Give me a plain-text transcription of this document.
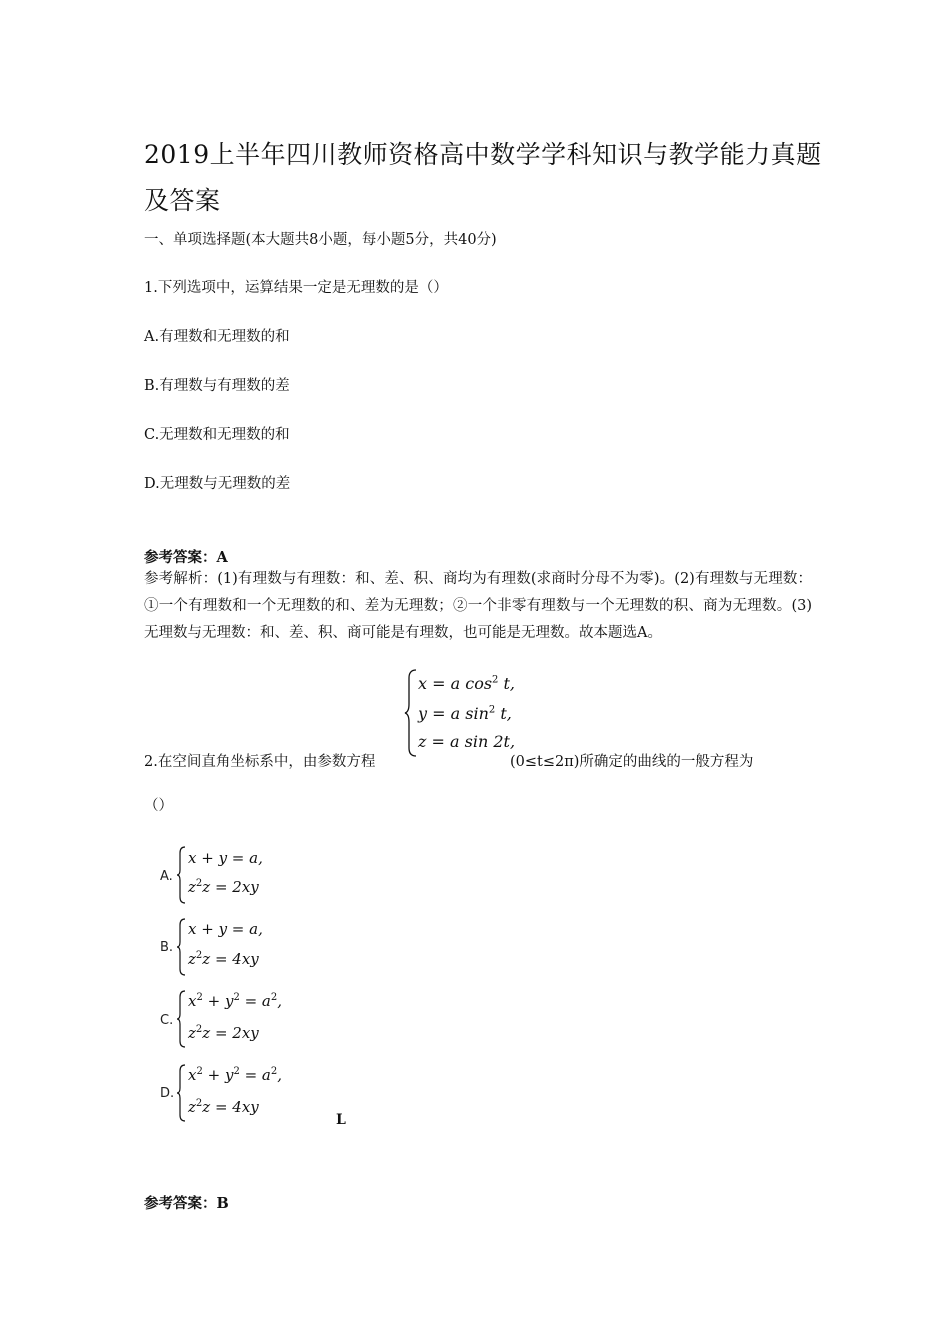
2019上半年四川教师资格高中数学学科知识与教学能力真题及答案
一、单项选择题(本大题共8小题，每小题5分，共40分)
1.下列选项中，运算结果一定是无理数的是（）
A.有理数和无理数的和
B.有理数与有理数的差
C.无理数和无理数的和
D.无理数与无理数的差
参考答案：A
参考解析：(1)有理数与有理数：和、差、积、商均为有理数(求商时分母不为零)。(2)有理数与无理数：①一个有理数和一个无理数的和、差为无理数；②一个非零有理数与一个无理数的积、商为无理数。(3)无理数与无理数：和、差、积、商可能是有理数，也可能是无理数。故本题选A。
x = a $\cos^2 t$,
y = a $\sin^2 t$,
z = a sin 2t,
2.在空间直角坐标系中，由参数方程	(0≤t≤2π)所确定的曲线的一般方程为
（）
A.
x + y = a,
$z^2z = 2xy$
B.
x + y = a,
$z^2z = 4xy$
C.
$x^2 + y^2 = a^2$,
$z^2z = 2xy$
D.
$x^2 + y^2 = a^2$,
$z^2z = 4xy$
L
参考答案：B
